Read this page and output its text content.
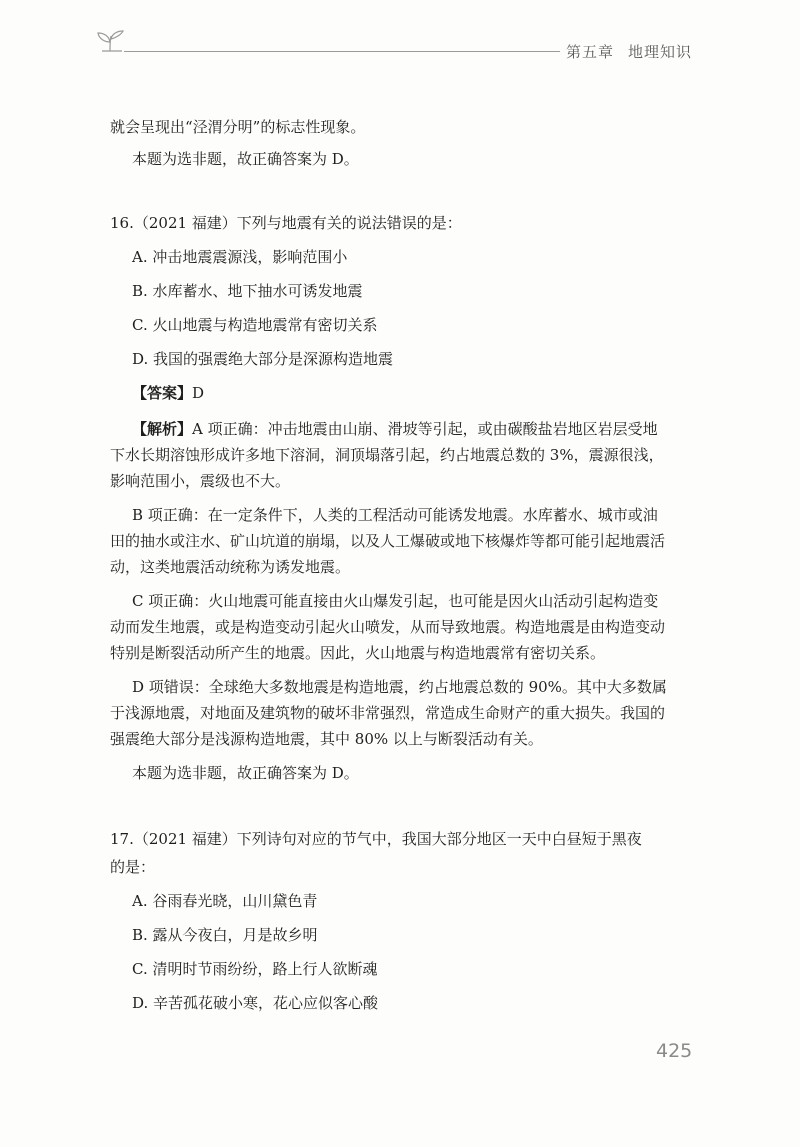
第五章 地理知识

就会呈现出“泾渭分明”的标志性现象。

本题为选非题，故正确答案为 D。

16.（2021 福建）下列与地震有关的说法错误的是：

A. 冲击地震震源浅，影响范围小

B. 水库蓄水、地下抽水可诱发地震

C. 火山地震与构造地震常有密切关系

D. 我国的强震绝大部分是深源构造地震

【答案】D

【解析】A 项正确：冲击地震由山崩、滑坡等引起，或由碳酸盐岩地区岩层受地

下水长期溶蚀形成许多地下溶洞，洞顶塌落引起，约占地震总数的 3%，震源很浅，

影响范围小，震级也不大。

B 项正确：在一定条件下，人类的工程活动可能诱发地震。水库蓄水、城市或油

田的抽水或注水、矿山坑道的崩塌，以及人工爆破或地下核爆炸等都可能引起地震活

动，这类地震活动统称为诱发地震。

C 项正确：火山地震可能直接由火山爆发引起，也可能是因火山活动引起构造变

动而发生地震，或是构造变动引起火山喷发，从而导致地震。构造地震是由构造变动

特别是断裂活动所产生的地震。因此，火山地震与构造地震常有密切关系。

D 项错误：全球绝大多数地震是构造地震，约占地震总数的 90%。其中大多数属

于浅源地震，对地面及建筑物的破坏非常强烈，常造成生命财产的重大损失。我国的

强震绝大部分是浅源构造地震，其中 80% 以上与断裂活动有关。

本题为选非题，故正确答案为 D。

17.（2021 福建）下列诗句对应的节气中，我国大部分地区一天中白昼短于黑夜

的是：

A. 谷雨春光晓，山川黛色青

B. 露从今夜白，月是故乡明

C. 清明时节雨纷纷，路上行人欲断魂

D. 辛苦孤花破小寒，花心应似客心酸

425
